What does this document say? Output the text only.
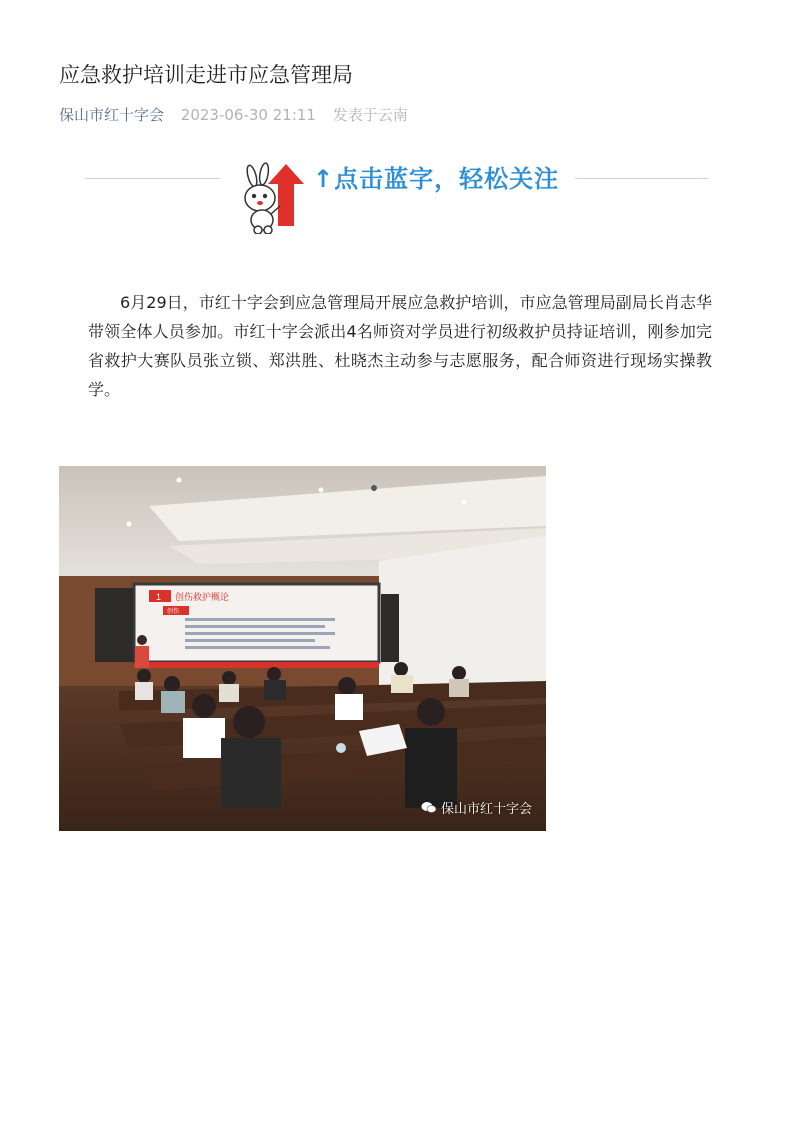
应急救护培训走进市应急管理局
保山市红十字会 2023-06-30 21:11 发表于云南
↑点击蓝字，轻松关注

6月29日，市红十字会到应急管理局开展应急救护培训，市应急管理局副局长肖志华带领全体人员参加。市红十字会派出4名师资对学员进行初级救护员持证培训，刚参加完省救护大赛队员张立锁、郑洪胜、杜晓杰主动参与志愿服务，配合师资进行现场实操教学。

1 创伤救护概论
创伤
保山市红十字会
